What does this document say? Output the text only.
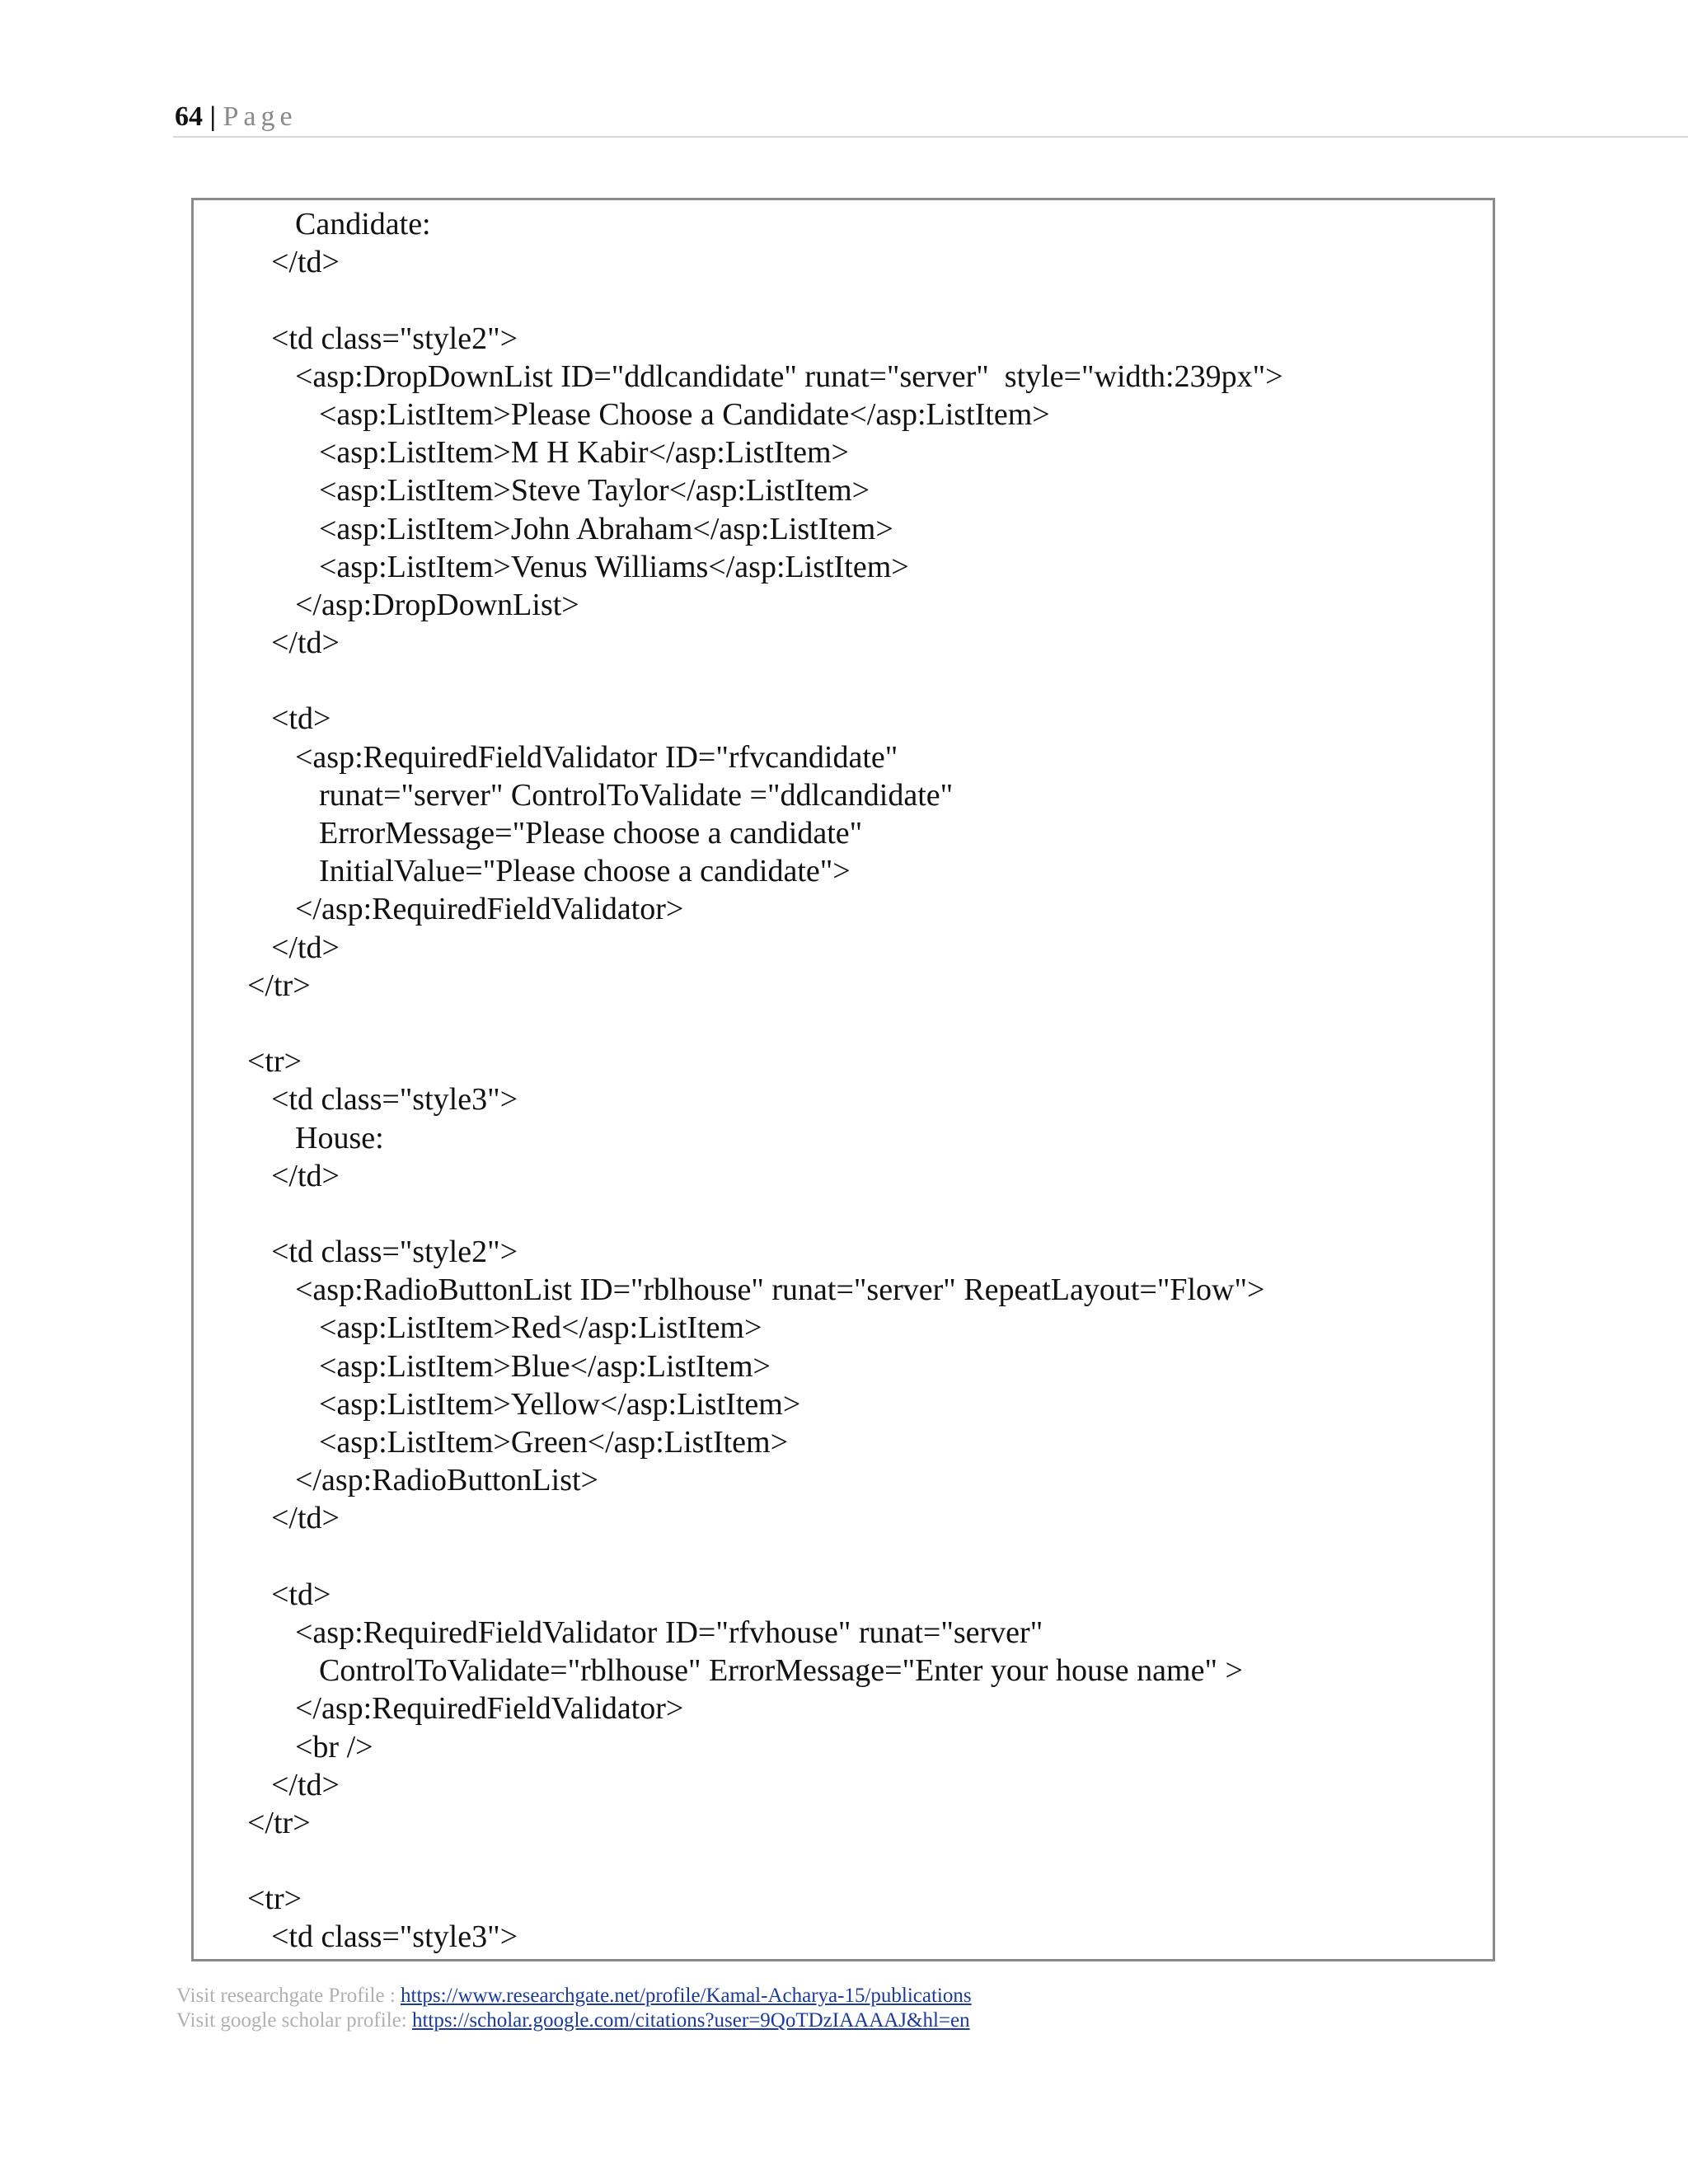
64 | Page
Candidate:
</td>

<td class="style2">
<asp:DropDownList ID="ddlcandidate" runat="server"  style="width:239px">
<asp:ListItem>Please Choose a Candidate</asp:ListItem>
<asp:ListItem>M H Kabir</asp:ListItem>
<asp:ListItem>Steve Taylor</asp:ListItem>
<asp:ListItem>John Abraham</asp:ListItem>
<asp:ListItem>Venus Williams</asp:ListItem>
</asp:DropDownList>
</td>

<td>
<asp:RequiredFieldValidator ID="rfvcandidate"
runat="server" ControlToValidate ="ddlcandidate"
ErrorMessage="Please choose a candidate"
InitialValue="Please choose a candidate">
</asp:RequiredFieldValidator>
</td>
</tr>

<tr>
<td class="style3">
House:
</td>

<td class="style2">
<asp:RadioButtonList ID="rblhouse" runat="server" RepeatLayout="Flow">
<asp:ListItem>Red</asp:ListItem>
<asp:ListItem>Blue</asp:ListItem>
<asp:ListItem>Yellow</asp:ListItem>
<asp:ListItem>Green</asp:ListItem>
</asp:RadioButtonList>
</td>

<td>
<asp:RequiredFieldValidator ID="rfvhouse" runat="server"
ControlToValidate="rblhouse" ErrorMessage="Enter your house name" >
</asp:RequiredFieldValidator>
<br />
</td>
</tr>

<tr>
<td class="style3">
Visit researchgate Profile : https://www.researchgate.net/profile/Kamal-Acharya-15/publications
Visit google scholar profile: https://scholar.google.com/citations?user=9QoTDzIAAAAJ&hl=en
